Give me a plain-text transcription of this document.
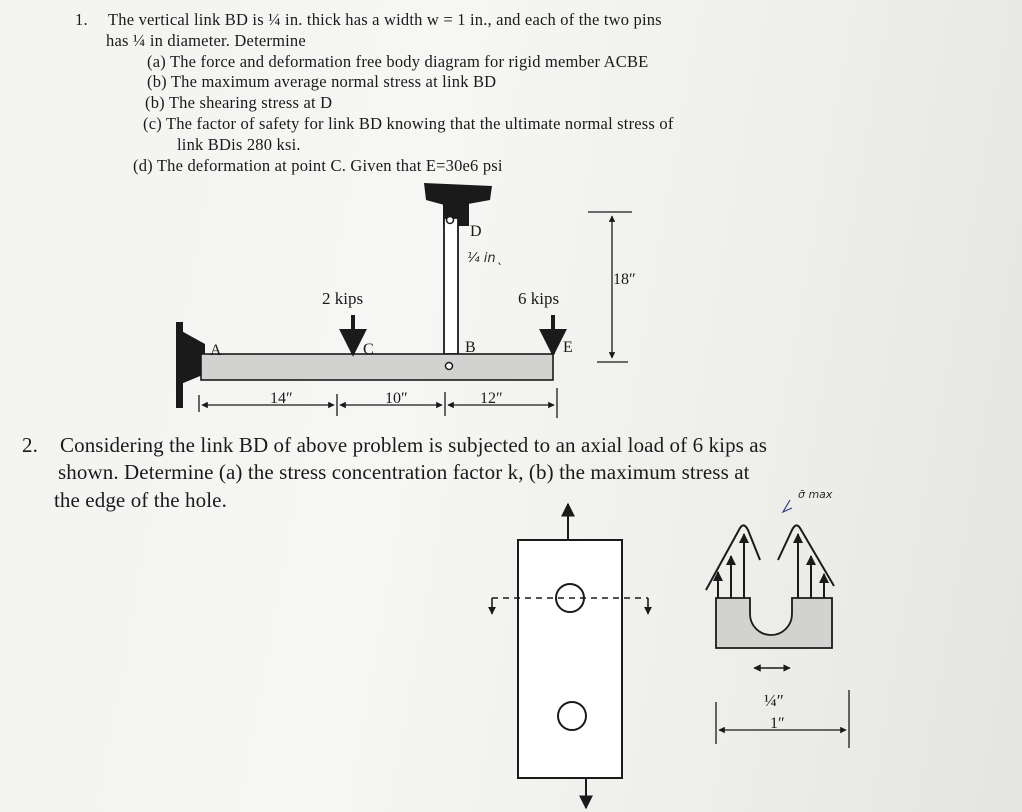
1. The vertical link BD is ¼ in. thick has a width w = 1 in., and each of the two pins
has ¼ in diameter. Determine
(a) The force and deformation free body diagram for rigid member ACBE
(b) The maximum average normal stress at link BD
(b) The shearing stress at D
(c) The factor of safety for link BD knowing that the ultimate normal stress of
link BDis 280 ksi.
(d) The deformation at point C. Given that E=30e6 psi
2. Considering the link BD of above problem is subjected to an axial load of 6 kips as
shown. Determine (a) the stress concentration factor k, (b) the maximum stress at
the edge of the hole.
2 kips	6 kips
A	C	B
D
E
¼ inˎ
18″
14″	10″	12″
σ̄ max
¼″
1″
